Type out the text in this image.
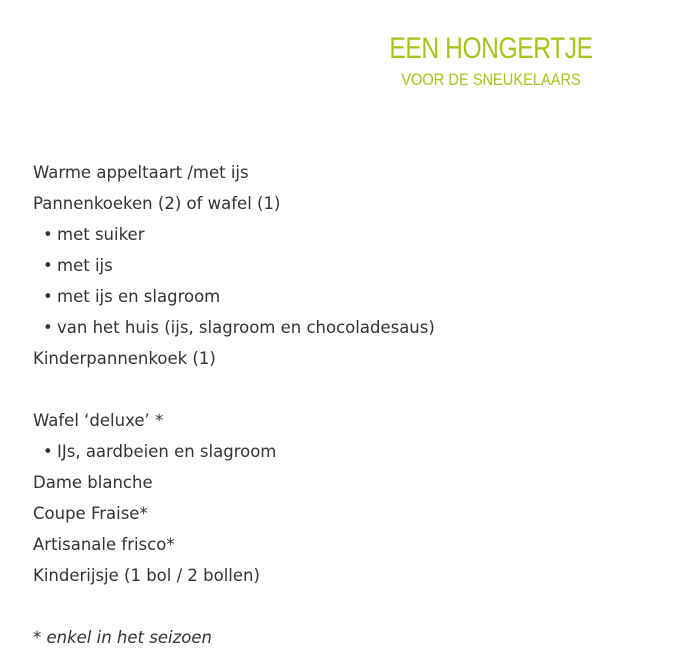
EEN HONGERTJE
VOOR DE SNEUKELAARS
Warme appeltaart /met ijs
Pannenkoeken (2) of wafel (1)
• met suiker
• met ijs
• met ijs en slagroom
• van het huis (ijs, slagroom en chocoladesaus)
Kinderpannenkoek (1)
Wafel ‘deluxe’ *
• IJs, aardbeien en slagroom
Dame blanche
Coupe Fraise*
Artisanale frisco*
Kinderijsje (1 bol / 2 bollen)
* enkel in het seizoen
